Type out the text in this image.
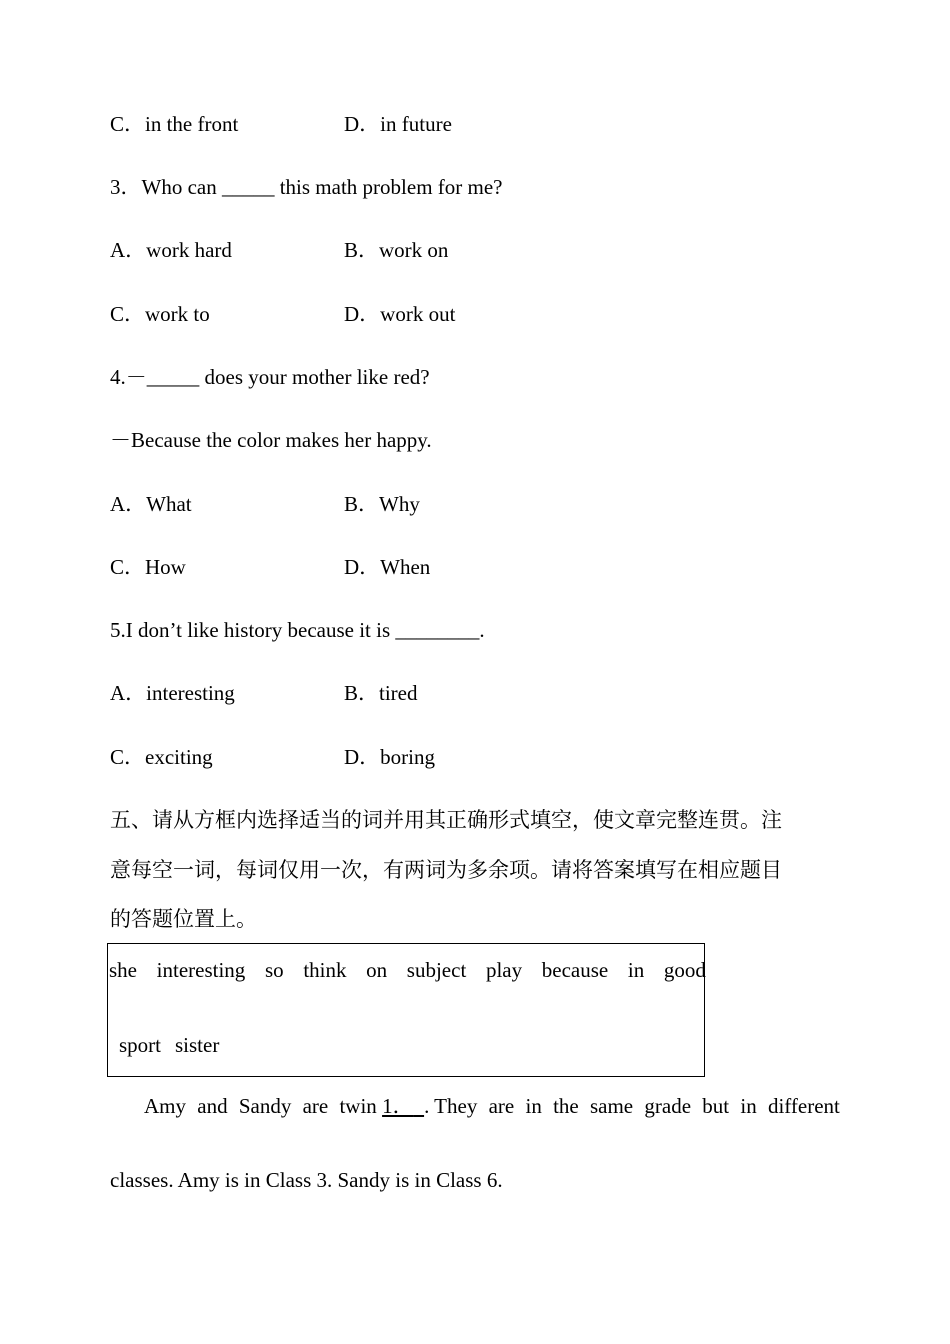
C．in the front	D．in future
3．Who can _____ this math problem for me?
A．work hard	B．work on
C．work to	D．work out
4.－_____ does your mother like red?
－Because the color makes her happy.
A．What	B．Why
C．How	D．When
5.I don’t like history because it is ________.
A．interesting	B．tired
C．exciting	D．boring
五、请从方框内选择适当的词并用其正确形式填空，使文章完整连贯。注
意每空一词，每词仅用一次，有两词为多余项。请将答案填写在相应题目
的答题位置上。
she interesting so think on subject play because in good
sport sister
Amy and Sandy are twin 1． . They are in the same grade but in different
classes. Amy is in Class 3. Sandy is in Class 6.
